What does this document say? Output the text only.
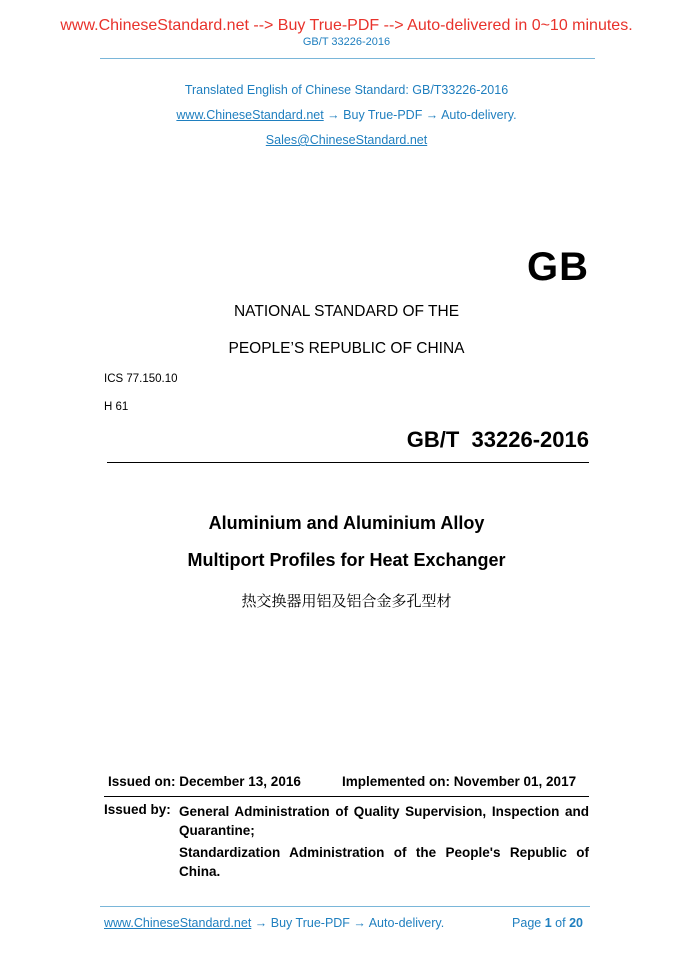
www.ChineseStandard.net --> Buy True-PDF --> Auto-delivered in 0~10 minutes.
GB/T 33226-2016
Translated English of Chinese Standard: GB/T33226-2016
www.ChineseStandard.net → Buy True-PDF → Auto-delivery.
Sales@ChineseStandard.net
GB
NATIONAL STANDARD OF THE
PEOPLE’S REPUBLIC OF CHINA
ICS 77.150.10
H 61
GB/T  33226-2016
Aluminium and Aluminium Alloy
Multiport Profiles for Heat Exchanger
热交换器用铝及铝合金多孔型材
Issued on: December 13, 2016	Implemented on: November 01, 2017
Issued by: General Administration of Quality Supervision, Inspection and Quarantine;
Standardization Administration of the People's Republic of China.
www.ChineseStandard.net → Buy True-PDF → Auto-delivery.	Page 1 of 20
